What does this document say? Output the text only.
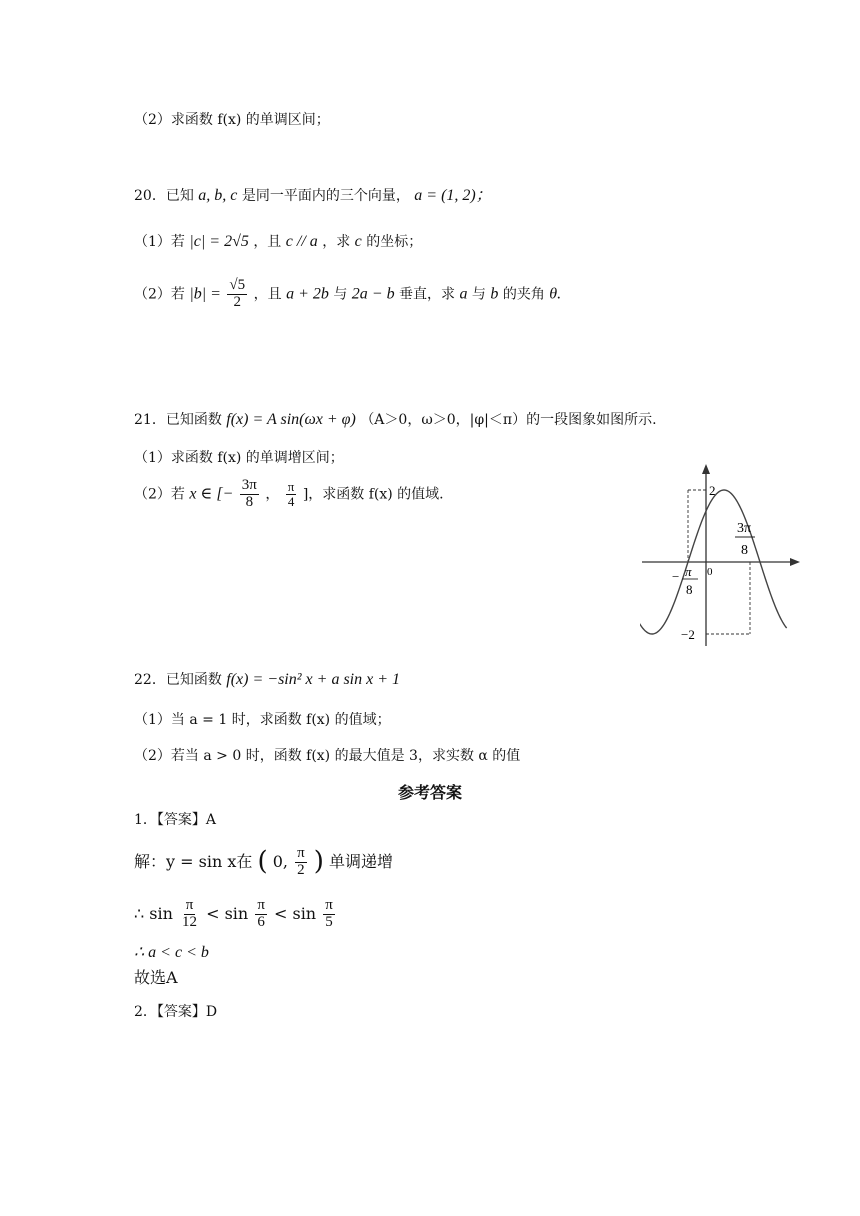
（2）求函数 f(x) 的单调区间；
20．已知 a, b, c 是同一平面内的三个向量， a = (1, 2)；
（1）若 |c| = 2√5 ，且 c // a ，求 c 的坐标；
（2）若 $|b| = \frac{√5}{2}$ ，且 a + 2b 与 2a − b 垂直，求 a 与 b 的夹角 θ.
21．已知函数 f(x) = A sin(ωx + φ) （A＞0，ω＞0，|φ|＜π）的一段图象如图所示.
（1）求函数 f(x) 的单调增区间；
（2）若 x ∈ [− $\frac{3\pi}{8}$ ， $\frac{\pi}{4}$ ]，求函数 f(x) 的值域.	2
−2
0
− π
8
3π
8
22．已知函数 f(x) = −sin² x + a sin x + 1
（1）当 a = 1 时，求函数 f(x) 的值域；
（2）若当 a > 0 时，函数 f(x) 的最大值是 3，求实数 α 的值
参考答案
1．【答案】A
解：y = sin x在 ( 0, $\frac{\pi}{2}$ ) 单调递增
∴ $\sin \frac{\pi}{12} < \sin \frac{\pi}{6} < \sin \frac{\pi}{5}$
∴ a < c < b
故选A
2．【答案】D
